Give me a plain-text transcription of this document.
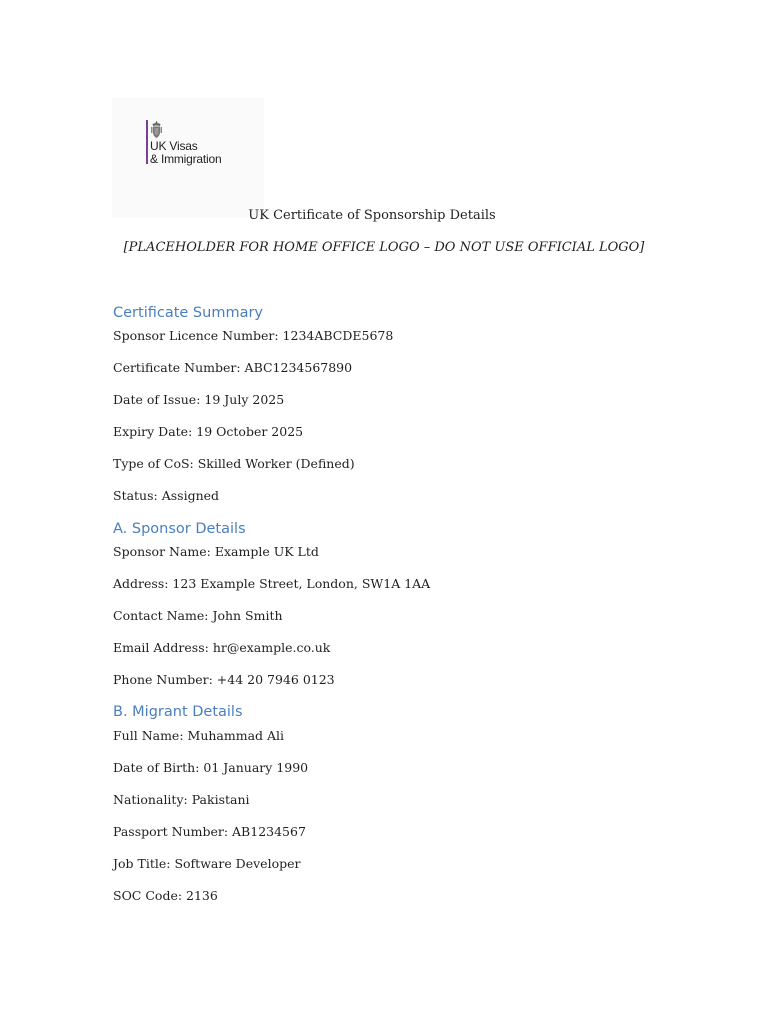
UK Visas
& Immigration
UK Certificate of Sponsorship Details
[PLACEHOLDER FOR HOME OFFICE LOGO – DO NOT USE OFFICIAL LOGO]
Certificate Summary
Sponsor Licence Number: 1234ABCDE5678
Certificate Number: ABC1234567890
Date of Issue: 19 July 2025
Expiry Date: 19 October 2025
Type of CoS: Skilled Worker (Defined)
Status: Assigned
A. Sponsor Details
Sponsor Name: Example UK Ltd
Address: 123 Example Street, London, SW1A 1AA
Contact Name: John Smith
Email Address: hr@example.co.uk
Phone Number: +44 20 7946 0123
B. Migrant Details
Full Name: Muhammad Ali
Date of Birth: 01 January 1990
Nationality: Pakistani
Passport Number: AB1234567
Job Title: Software Developer
SOC Code: 2136
